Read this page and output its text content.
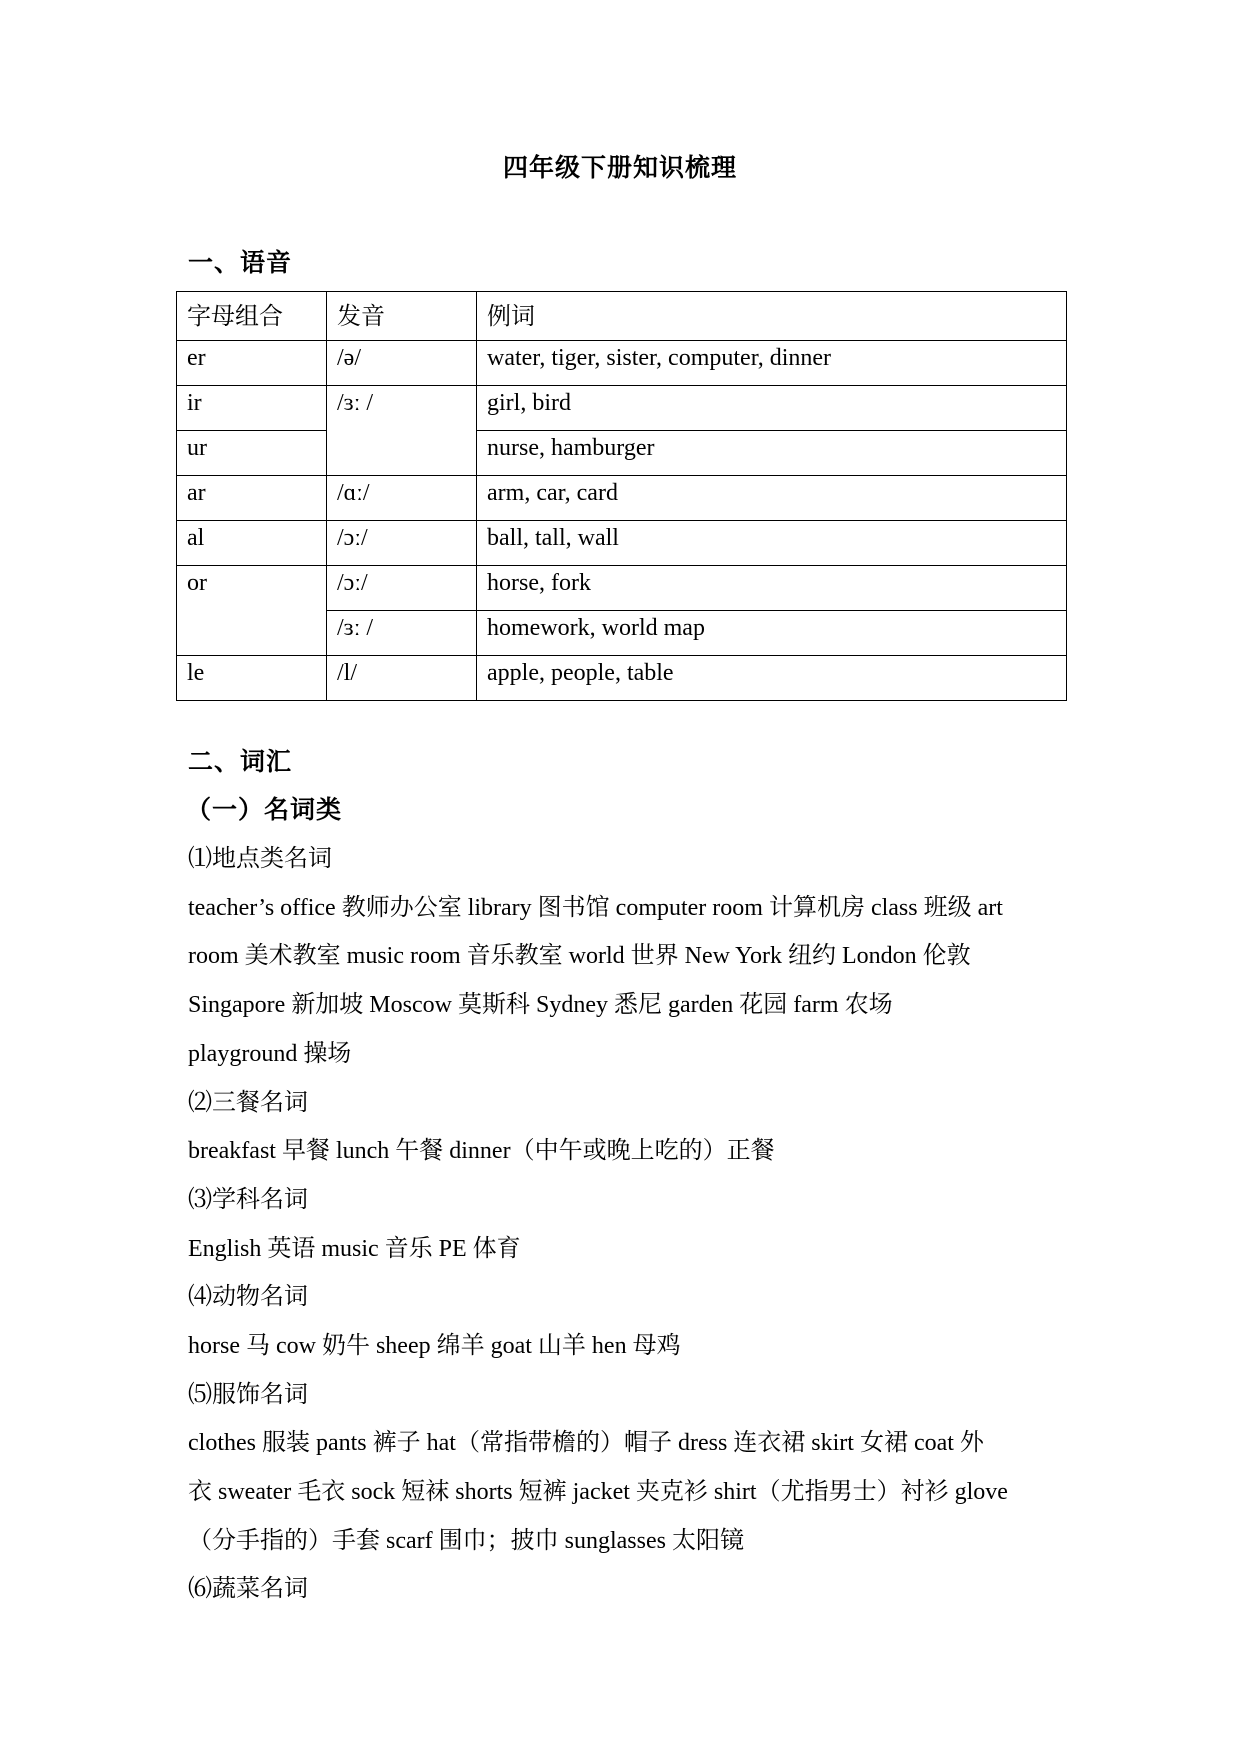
四年级下册知识梳理
一、语音
字母组合	发音	例词
er	/ə/	water, tiger, sister, computer, dinner
ir	/ɜː /	girl, bird
ur		nurse, hamburger
ar	/ɑː/	arm, car, card
al	/ɔː/	ball, tall, wall
or	/ɔː/	horse, fork
	/ɜː /	homework, world map
le	/l/	apple, people, table
二、词汇
（一）名词类
⑴地点类名词
teacher’s office 教师办公室 library 图书馆 computer room 计算机房 class 班级 art
room 美术教室 music room 音乐教室 world 世界 New York 纽约 London 伦敦
Singapore 新加坡 Moscow 莫斯科 Sydney 悉尼 garden 花园 farm 农场
playground 操场
⑵三餐名词
breakfast 早餐 lunch 午餐 dinner（中午或晚上吃的）正餐
⑶学科名词
English 英语 music 音乐 PE 体育
⑷动物名词
horse 马 cow 奶牛 sheep 绵羊 goat 山羊 hen 母鸡
⑸服饰名词
clothes 服装 pants 裤子 hat（常指带檐的）帽子 dress 连衣裙 skirt 女裙 coat 外
衣 sweater 毛衣 sock 短袜 shorts 短裤 jacket 夹克衫 shirt（尤指男士）衬衫 glove
（分手指的）手套 scarf 围巾；披巾 sunglasses 太阳镜
⑹蔬菜名词
